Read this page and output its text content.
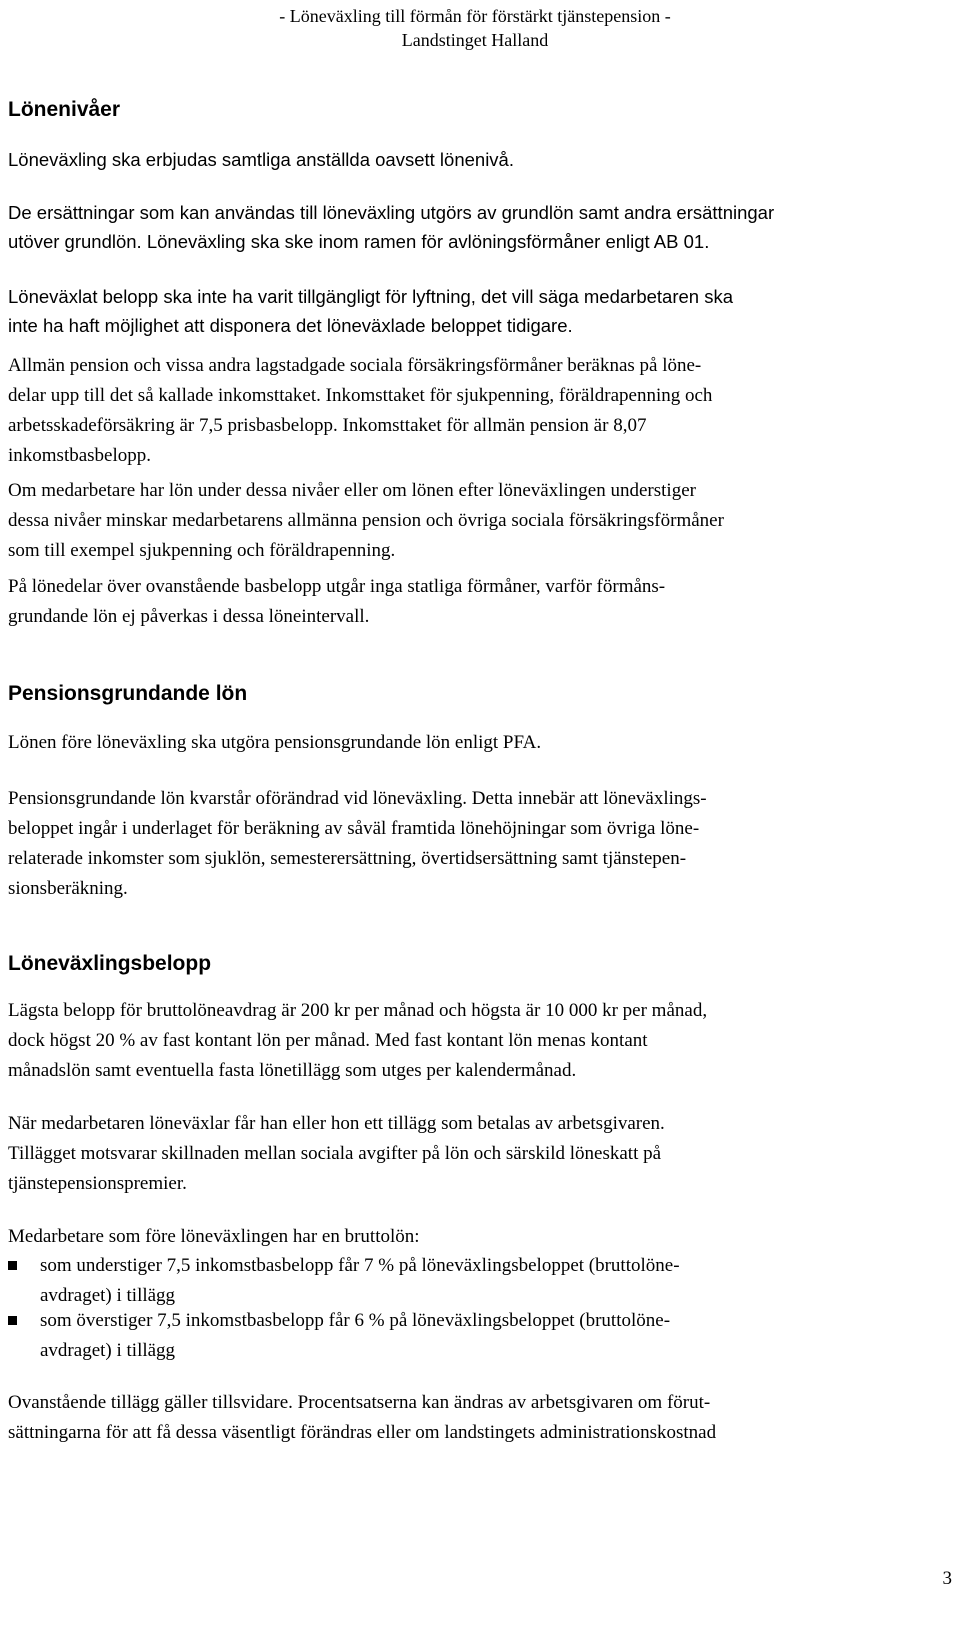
- Löneväxling till förmån för förstärkt tjänstepension -
Landstinget Halland
Lönenivåer
Löneväxling ska erbjudas samtliga anställda oavsett lönenivå.
De ersättningar som kan användas till löneväxling utgörs av grundlön samt andra ersättningar
utöver grundlön. Löneväxling ska ske inom ramen för avlöningsförmåner enligt AB 01.
Löneväxlat belopp ska inte ha varit tillgängligt för lyftning, det vill säga medarbetaren ska
inte ha haft möjlighet att disponera det löneväxlade beloppet tidigare.
Allmän pension och vissa andra lagstadgade sociala försäkringsförmåner beräknas på löne-
delar upp till det så kallade inkomsttaket. Inkomsttaket för sjukpenning, föräldrapenning och
arbetsskadeförsäkring är 7,5 prisbasbelopp. Inkomsttaket för allmän pension är 8,07
inkomstbasbelopp.
Om medarbetare har lön under dessa nivåer eller om lönen efter löneväxlingen understiger
dessa nivåer minskar medarbetarens allmänna pension och övriga sociala försäkringsförmåner
som till exempel sjukpenning och föräldrapenning.
På lönedelar över ovanstående basbelopp utgår inga statliga förmåner, varför förmåns-
grundande lön ej påverkas i dessa löneintervall.
Pensionsgrundande lön
Lönen före löneväxling ska utgöra pensionsgrundande lön enligt PFA.
Pensionsgrundande lön kvarstår oförändrad vid löneväxling. Detta innebär att löneväxlings-
beloppet ingår i underlaget för beräkning av såväl framtida lönehöjningar som övriga löne-
relaterade inkomster som sjuklön, semesterersättning, övertidsersättning samt tjänstepen-
sionsberäkning.
Löneväxlingsbelopp
Lägsta belopp för bruttolöneavdrag är 200 kr per månad och högsta är 10 000 kr per månad,
dock högst 20 % av fast kontant lön per månad. Med fast kontant lön menas kontant
månadslön samt eventuella fasta lönetillägg som utges per kalendermånad.
När medarbetaren löneväxlar får han eller hon ett tillägg som betalas av arbetsgivaren.
Tillägget motsvarar skillnaden mellan sociala avgifter på lön och särskild löneskatt på
tjänstepensionspremier.
Medarbetare som före löneväxlingen har en bruttolön:
som understiger 7,5 inkomstbasbelopp får 7 % på löneväxlingsbeloppet (bruttolöne-
avdraget) i tillägg
som överstiger 7,5 inkomstbasbelopp får 6 % på löneväxlingsbeloppet (bruttolöne-
avdraget) i tillägg
Ovanstående tillägg gäller tillsvidare. Procentsatserna kan ändras av arbetsgivaren om förut-
sättningarna för att få dessa väsentligt förändras eller om landstingets administrationskostnad
3
